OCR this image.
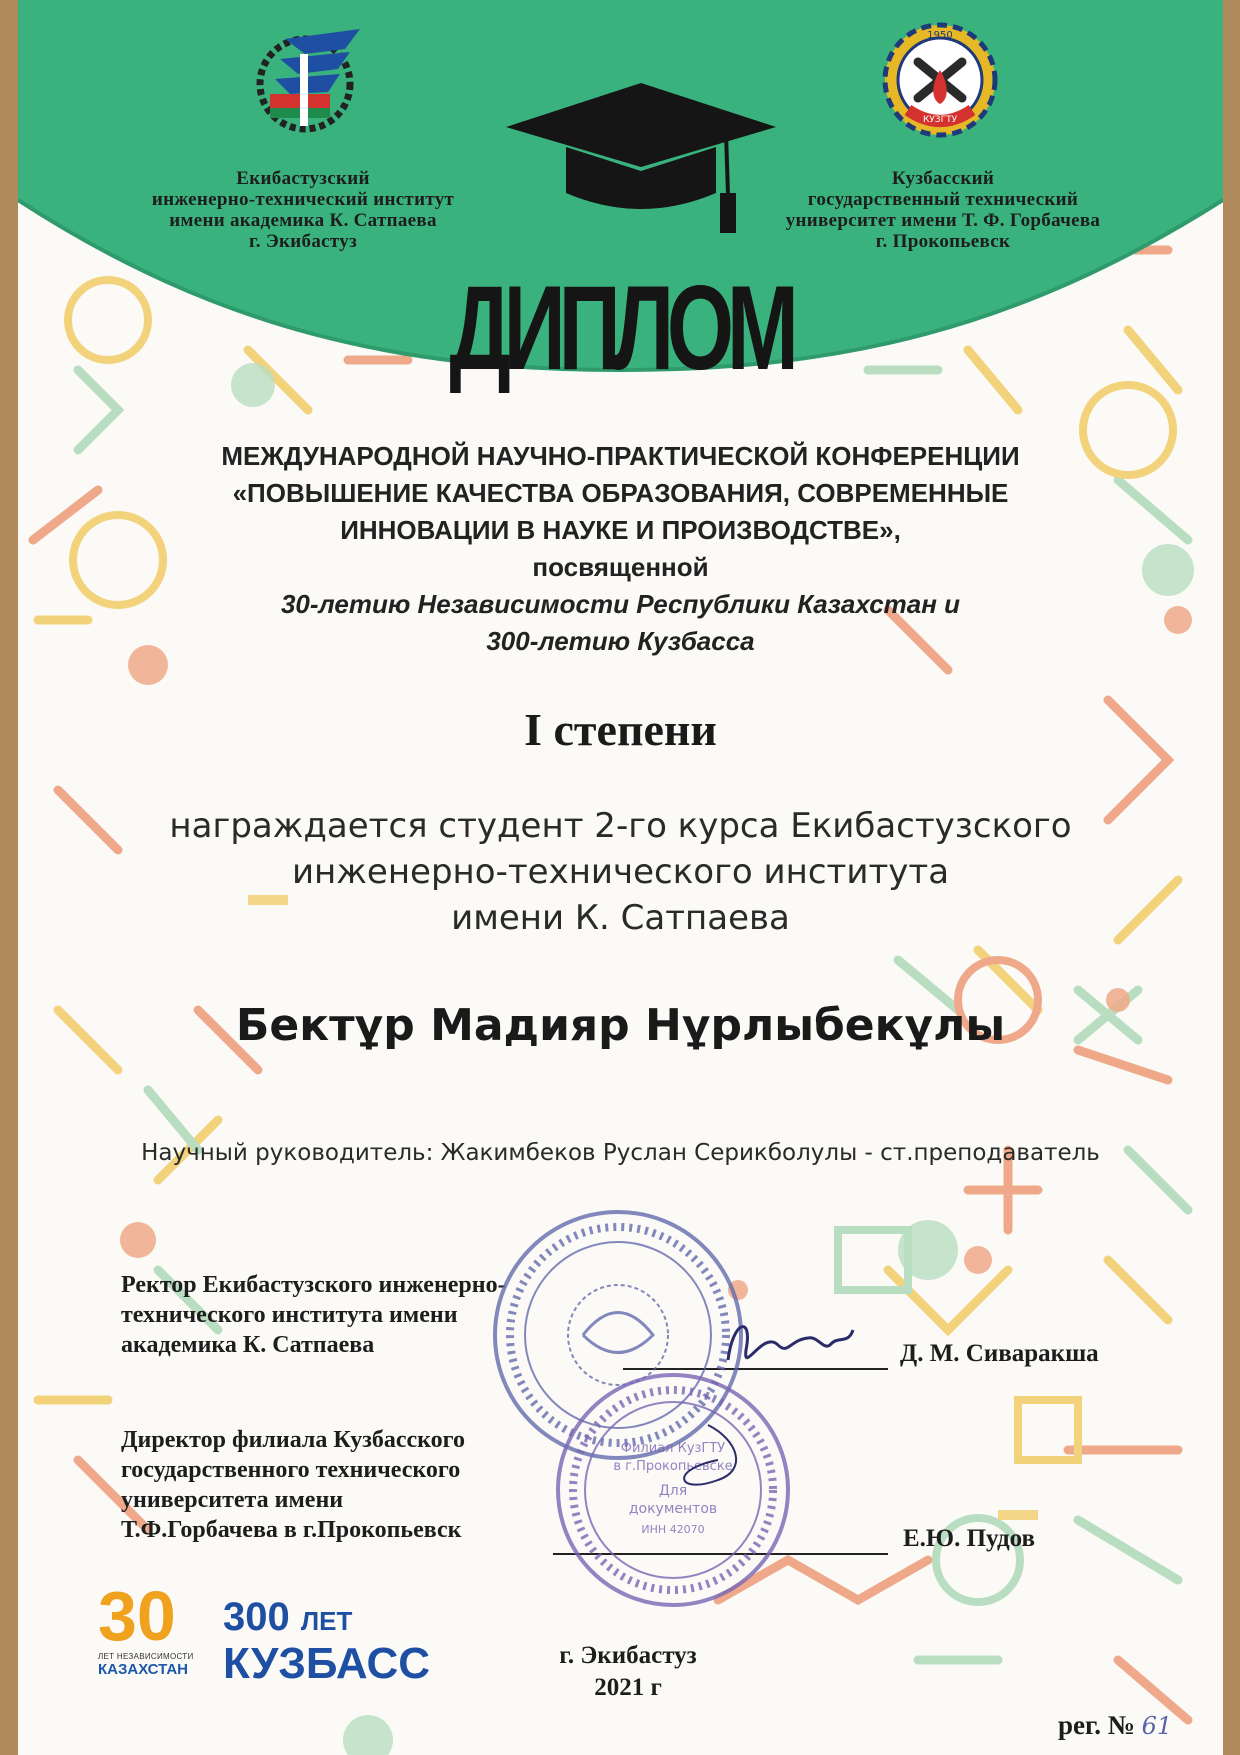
КУЗГТУ
1950
Екибастузский
инженерно-технический институт
имени академика К. Сатпаева
г. Экибастуз
Кузбасский
государственный технический
университет имени Т. Ф. Горбачева
г. Прокопьевск
ДИПЛОМ
МЕЖДУНАРОДНОЙ НАУЧНО-ПРАКТИЧЕСКОЙ КОНФЕРЕНЦИИ
«ПОВЫШЕНИЕ КАЧЕСТВА ОБРАЗОВАНИЯ, СОВРЕМЕННЫЕ
ИННОВАЦИИ В НАУКЕ И ПРОИЗВОДСТВЕ»,
посвященной
30-летию Независимости Республики Казахстан и
300-летию Кузбасса
I степени
награждается студент 2-го курса Екибастузского
инженерно-технического института
имени К. Сатпаева
Бектұр Мадияр Нұрлыбекұлы
Научный руководитель: Жакимбеков Руслан Серикболулы - ст.преподаватель
Ректор Екибастузского инженерно-
технического института имени
академика К. Сатпаева	Д. М. Сиваракша
Директор филиала Кузбасского
государственного технического
университета имени
Т.Ф.Горбачева в г.Прокопьевск	Е.Ю. Пудов
Филиал КузГТУ
в г.Прокопьевске
Для
документов
ИНН 42070
30
ЛЕТ НЕЗАВИСИМОСТИ
КАЗАХСТАН
300 ЛЕТ
КУЗБАСС	г. Экибастуз
2021 г
рег. № 61
